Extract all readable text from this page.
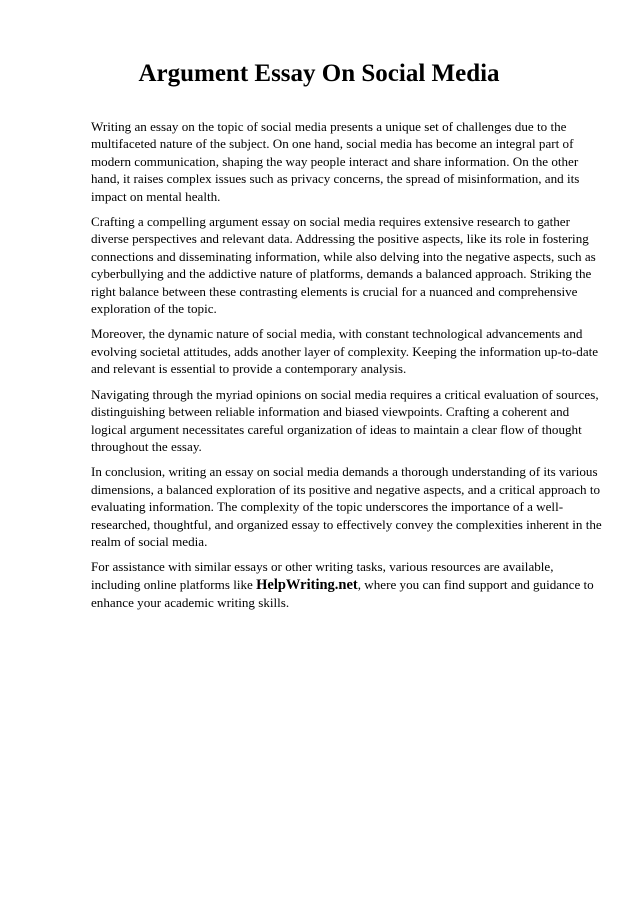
Argument Essay On Social Media

Writing an essay on the topic of social media presents a unique set of challenges due to the multifaceted nature of the subject. On one hand, social media has become an integral part of modern communication, shaping the way people interact and share information. On the other hand, it raises complex issues such as privacy concerns, the spread of misinformation, and its impact on mental health.

Crafting a compelling argument essay on social media requires extensive research to gather diverse perspectives and relevant data. Addressing the positive aspects, like its role in fostering connections and disseminating information, while also delving into the negative aspects, such as cyberbullying and the addictive nature of platforms, demands a balanced approach. Striking the right balance between these contrasting elements is crucial for a nuanced and comprehensive exploration of the topic.

Moreover, the dynamic nature of social media, with constant technological advancements and evolving societal attitudes, adds another layer of complexity. Keeping the information up-to-date and relevant is essential to provide a contemporary analysis.

Navigating through the myriad opinions on social media requires a critical evaluation of sources, distinguishing between reliable information and biased viewpoints. Crafting a coherent and logical argument necessitates careful organization of ideas to maintain a clear flow of thought throughout the essay.

In conclusion, writing an essay on social media demands a thorough understanding of its various dimensions, a balanced exploration of its positive and negative aspects, and a critical approach to evaluating information. The complexity of the topic underscores the importance of a well-researched, thoughtful, and organized essay to effectively convey the complexities inherent in the realm of social media.

For assistance with similar essays or other writing tasks, various resources are available, including online platforms like HelpWriting.net, where you can find support and guidance to enhance your academic writing skills.
